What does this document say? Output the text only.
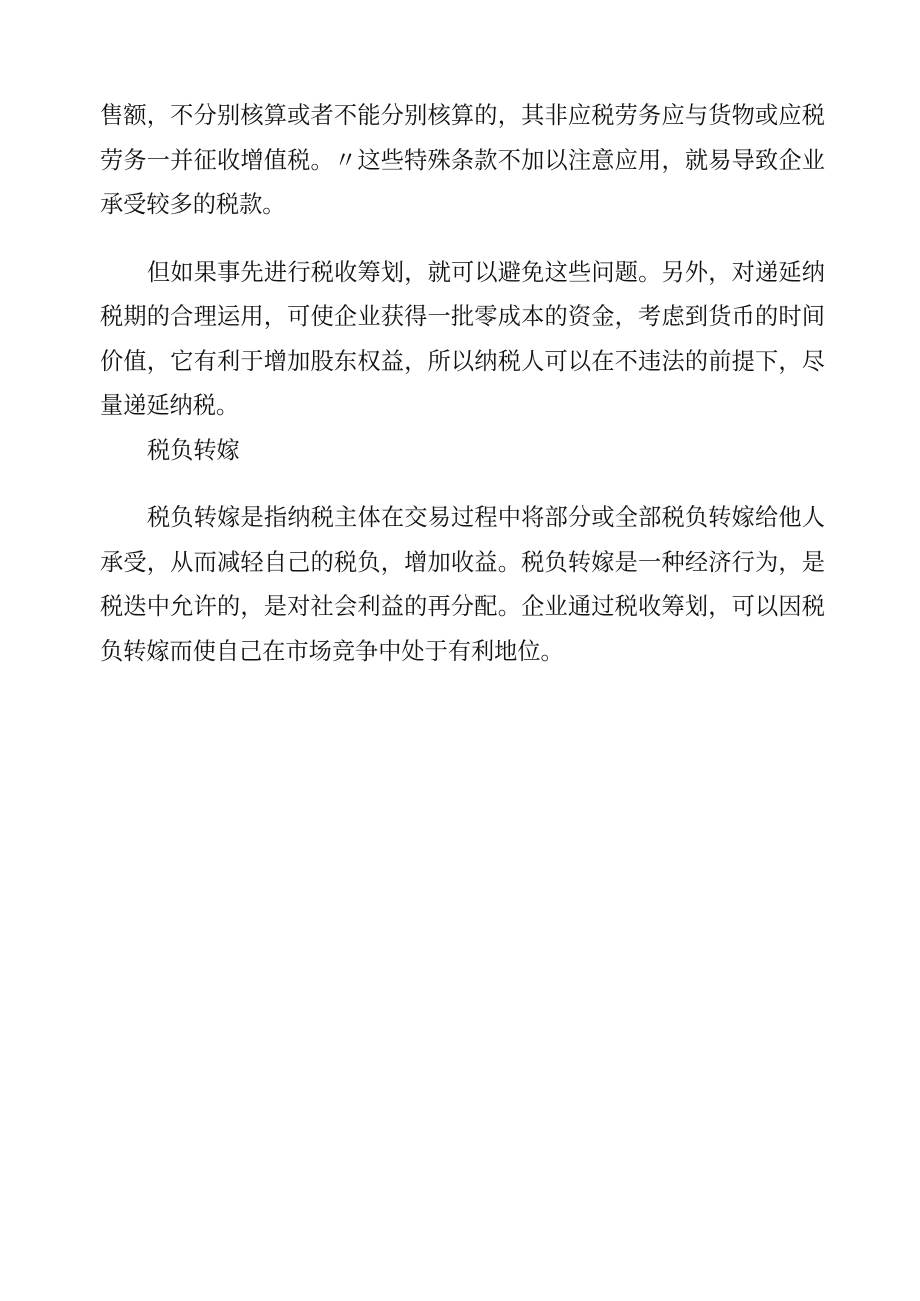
售额，不分别核算或者不能分别核算的，其非应税劳务应与货物或应税
劳务一并征收增值税。〃这些特殊条款不加以注意应用，就易导致企业
承受较多的税款。

但如果事先进行税收筹划，就可以避免这些问题。另外，对递延纳
税期的合理运用，可使企业获得一批零成本的资金，考虑到货币的时间
价值，它有利于增加股东权益，所以纳税人可以在不违法的前提下，尽
量递延纳税。

税负转嫁

税负转嫁是指纳税主体在交易过程中将部分或全部税负转嫁给他人
承受，从而减轻自己的税负，增加收益。税负转嫁是一种经济行为，是
税迭中允许的，是对社会利益的再分配。企业通过税收筹划，可以因税
负转嫁而使自己在市场竞争中处于有利地位。
